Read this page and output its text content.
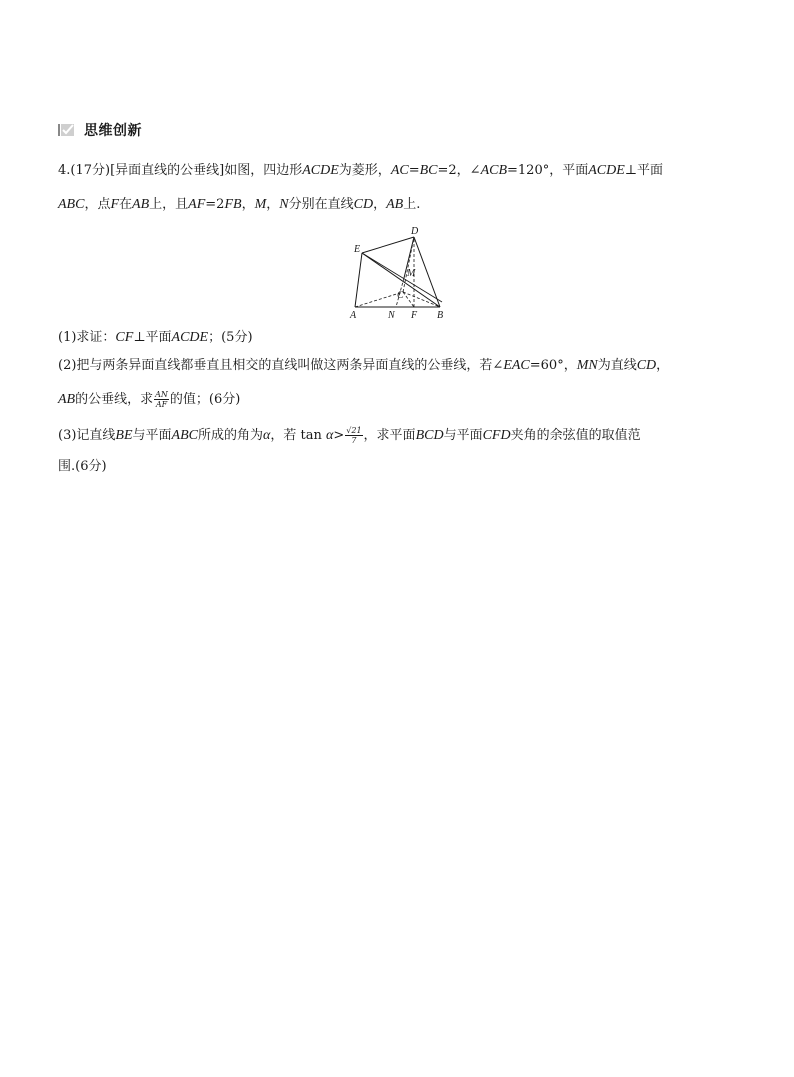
思维创新
4.(17分)[异面直线的公垂线]如图，四边形ACDE为菱形，AC=BC=2，∠ACB=120°，平面ACDE⊥平面
ABC，点F在AB上，且AF=2FB，M，N分别在直线CD，AB上.
D
E
M
C
A	N F B
(1)求证：CF⊥平面ACDE；(5分)
(2)把与两条异面直线都垂直且相交的直线叫做这两条异面直线的公垂线，若∠EAC=60°，MN为直线CD，
AB的公垂线，求 $\frac{AN}{AF}$ 的值；(6分)
(3)记直线BE与平面ABC所成的角为α，若 $\tan \alpha> \frac{√21}{7}$ ，求平面BCD与平面CFD夹角的余弦值的取值范
围.(6分)
